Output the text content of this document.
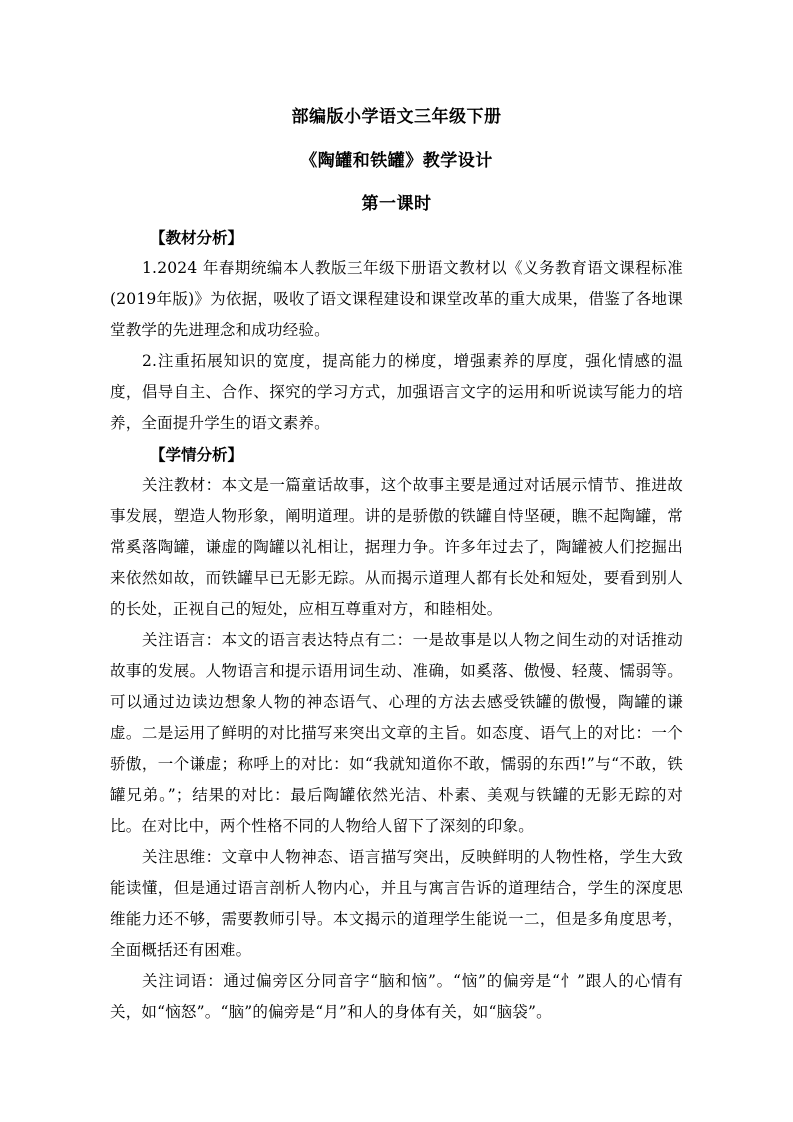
部编版小学语文三年级下册
《陶罐和铁罐》教学设计
第一课时

【教材分析】

1.2024 年春期统编本人教版三年级下册语文教材以《义务教育语文课程标准(2019年版)》为依据，吸收了语文课程建设和课堂改革的重大成果，借鉴了各地课堂教学的先进理念和成功经验。

2.注重拓展知识的宽度，提高能力的梯度，增强素养的厚度，强化情感的温度，倡导自主、合作、探究的学习方式，加强语言文字的运用和听说读写能力的培养，全面提升学生的语文素养。

【学情分析】

关注教材：本文是一篇童话故事，这个故事主要是通过对话展示情节、推进故事发展，塑造人物形象，阐明道理。讲的是骄傲的铁罐自恃坚硬，瞧不起陶罐，常常奚落陶罐，谦虚的陶罐以礼相让，据理力争。许多年过去了，陶罐被人们挖掘出来依然如故，而铁罐早已无影无踪。从而揭示道理人都有长处和短处，要看到别人的长处，正视自己的短处，应相互尊重对方，和睦相处。

关注语言：本文的语言表达特点有二：一是故事是以人物之间生动的对话推动故事的发展。人物语言和提示语用词生动、准确，如奚落、傲慢、轻蔑、懦弱等。可以通过边读边想象人物的神态语气、心理的方法去感受铁罐的傲慢，陶罐的谦虚。二是运用了鲜明的对比描写来突出文章的主旨。如态度、语气上的对比：一个骄傲，一个谦虚；称呼上的对比：如“我就知道你不敢，懦弱的东西!”与“不敢，铁罐兄弟。”；结果的对比：最后陶罐依然光洁、朴素、美观与铁罐的无影无踪的对比。在对比中，两个性格不同的人物给人留下了深刻的印象。

关注思维：文章中人物神态、语言描写突出，反映鲜明的人物性格，学生大致能读懂，但是通过语言剖析人物内心，并且与寓言告诉的道理结合，学生的深度思维能力还不够，需要教师引导。本文揭示的道理学生能说一二，但是多角度思考，全面概括还有困难。

关注词语：通过偏旁区分同音字“脑和恼”。“恼”的偏旁是“忄”跟人的心情有关，如“恼怒”。“脑”的偏旁是“月”和人的身体有关，如“脑袋”。
